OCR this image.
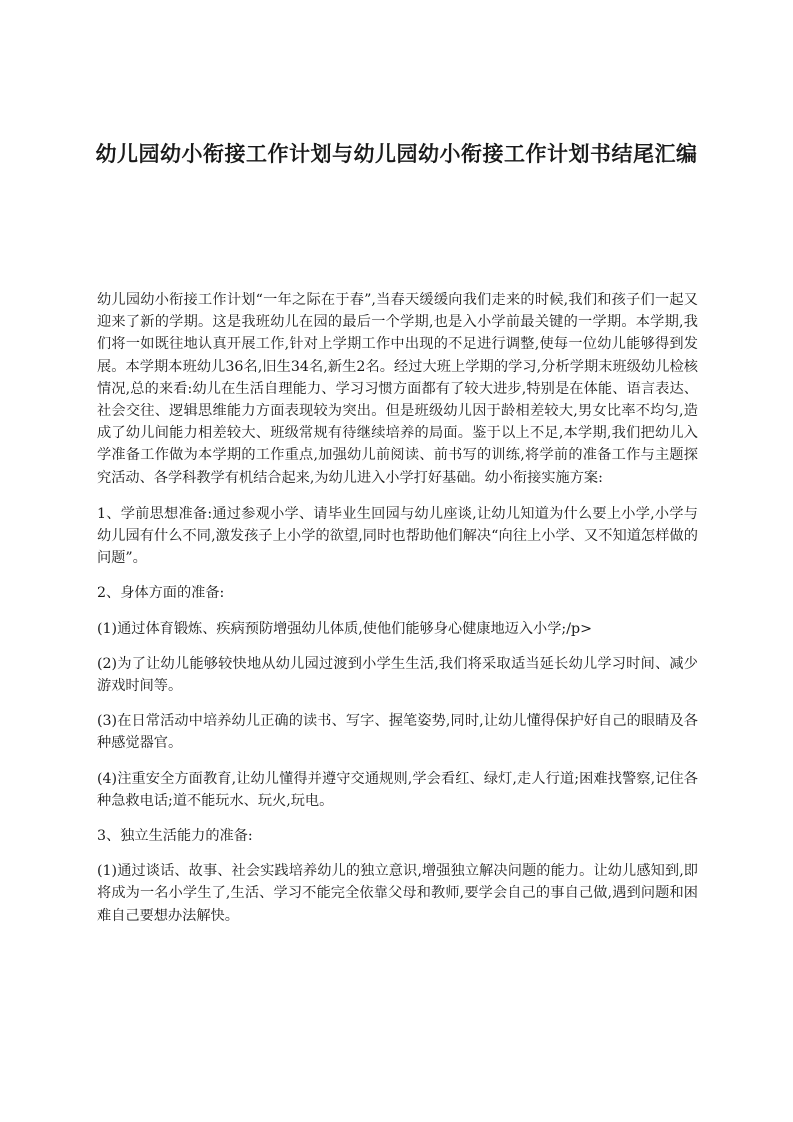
幼儿园幼小衔接工作计划与幼儿园幼小衔接工作计划书结尾汇编

幼儿园幼小衔接工作计划“一年之际在于春”,当春天缓缓向我们走来的时候,我们和孩子们一起又迎来了新的学期。这是我班幼儿在园的最后一个学期,也是入小学前最关键的一学期。本学期,我们将一如既往地认真开展工作,针对上学期工作中出现的不足进行调整,使每一位幼儿能够得到发展。本学期本班幼儿36名,旧生34名,新生2名。经过大班上学期的学习,分析学期末班级幼儿检核情况,总的来看:幼儿在生活自理能力、学习习惯方面都有了较大进步,特别是在体能、语言表达、社会交往、逻辑思维能力方面表现较为突出。但是班级幼儿因于龄相差较大,男女比率不均匀,造成了幼儿间能力相差较大、班级常规有待继续培养的局面。鉴于以上不足,本学期,我们把幼儿入学准备工作做为本学期的工作重点,加强幼儿前阅读、前书写的训练,将学前的准备工作与主题探究活动、各学科教学有机结合起来,为幼儿进入小学打好基础。幼小衔接实施方案:

1、学前思想准备:通过参观小学、请毕业生回园与幼儿座谈,让幼儿知道为什么要上小学,小学与幼儿园有什么不同,激发孩子上小学的欲望,同时也帮助他们解决“向往上小学、又不知道怎样做的问题”。

2、身体方面的准备:

(1)通过体育锻炼、疾病预防增强幼儿体质,使他们能够身心健康地迈入小学;/p>

(2)为了让幼儿能够较快地从幼儿园过渡到小学生生活,我们将采取适当延长幼儿学习时间、减少游戏时间等。

(3)在日常活动中培养幼儿正确的读书、写字、握笔姿势,同时,让幼儿懂得保护好自己的眼睛及各种感觉器官。

(4)注重安全方面教育,让幼儿懂得并遵守交通规则,学会看红、绿灯,走人行道;困难找警察,记住各种急救电话;道不能玩水、玩火,玩电。

3、独立生活能力的准备:

(1)通过谈话、故事、社会实践培养幼儿的独立意识,增强独立解决问题的能力。让幼儿感知到,即将成为一名小学生了,生活、学习不能完全依靠父母和教师,要学会自己的事自己做,遇到问题和困难自己要想办法解快。
